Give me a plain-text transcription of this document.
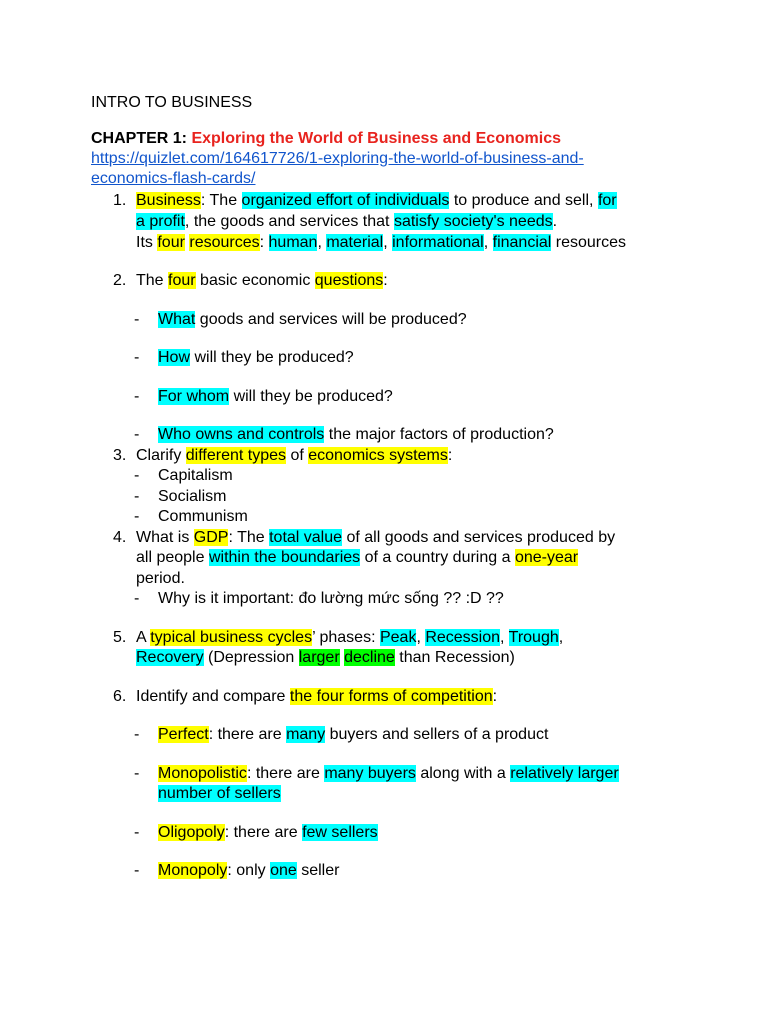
INTRO TO BUSINESS
CHAPTER 1: Exploring the World of Business and Economics
https://quizlet.com/164617726/1-exploring-the-world-of-business-and-
economics-flash-cards/
1. Business: The organized effort of individuals to produce and sell, for
a profit, the goods and services that satisfy society's needs.
Its four resources: human, material, informational, financial resources
2. The four basic economic questions:
- What goods and services will be produced?
- How will they be produced?
- For whom will they be produced?
- Who owns and controls the major factors of production?
3. Clarify different types of economics systems:
- Capitalism
- Socialism
- Communism
4. What is GDP: The total value of all goods and services produced by
all people within the boundaries of a country during a one-year
period.
- Why is it important: đo lường mức sống ?? :D ??
5. A typical business cycles’ phases: Peak, Recession, Trough,
Recovery (Depression larger decline than Recession)
6. Identify and compare the four forms of competition:
- Perfect: there are many buyers and sellers of a product
- Monopolistic: there are many buyers along with a relatively larger
number of sellers
- Oligopoly: there are few sellers
- Monopoly: only one seller
